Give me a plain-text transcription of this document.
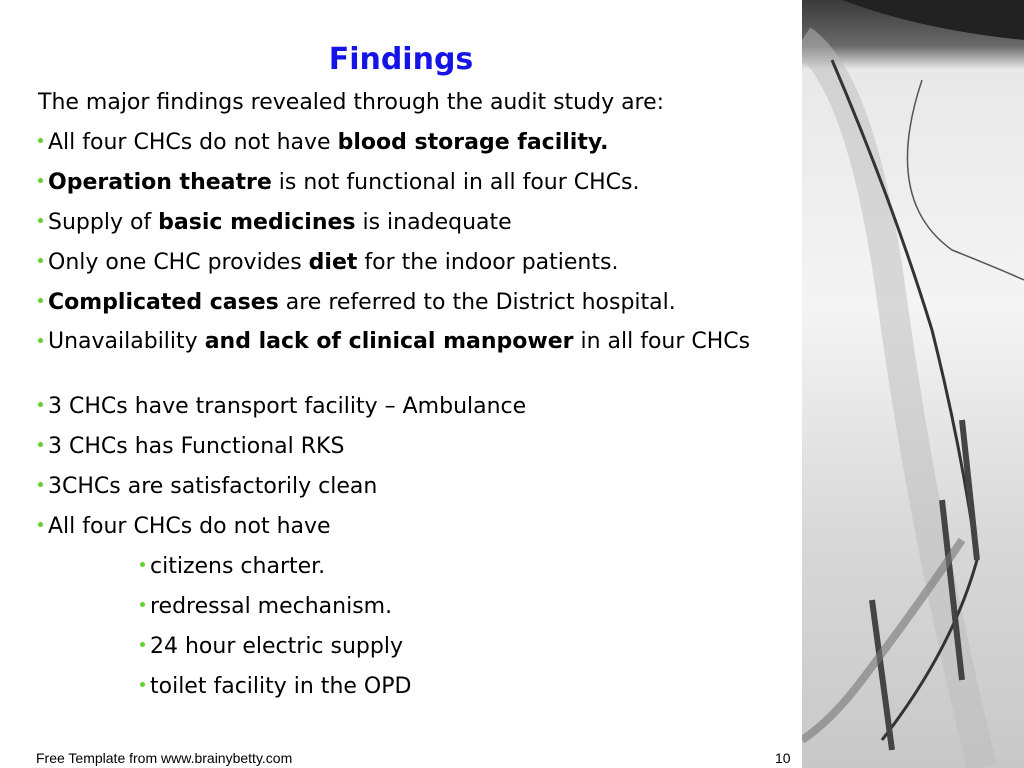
Findings
The major findings revealed through the audit study are:
All four CHCs do not have blood storage facility.
Operation theatre is not functional in all four CHCs.
Supply of basic medicines is inadequate
Only one CHC provides diet for the indoor patients.
Complicated cases are referred to the District hospital.
Unavailability and lack of clinical manpower in all four CHCs
3 CHCs have transport facility – Ambulance
3 CHCs has Functional RKS
3CHCs are satisfactorily clean
All four CHCs do not have
citizens charter.
redressal mechanism.
24 hour electric supply
toilet facility in the OPD
Free Template from www.brainybetty.com	10
